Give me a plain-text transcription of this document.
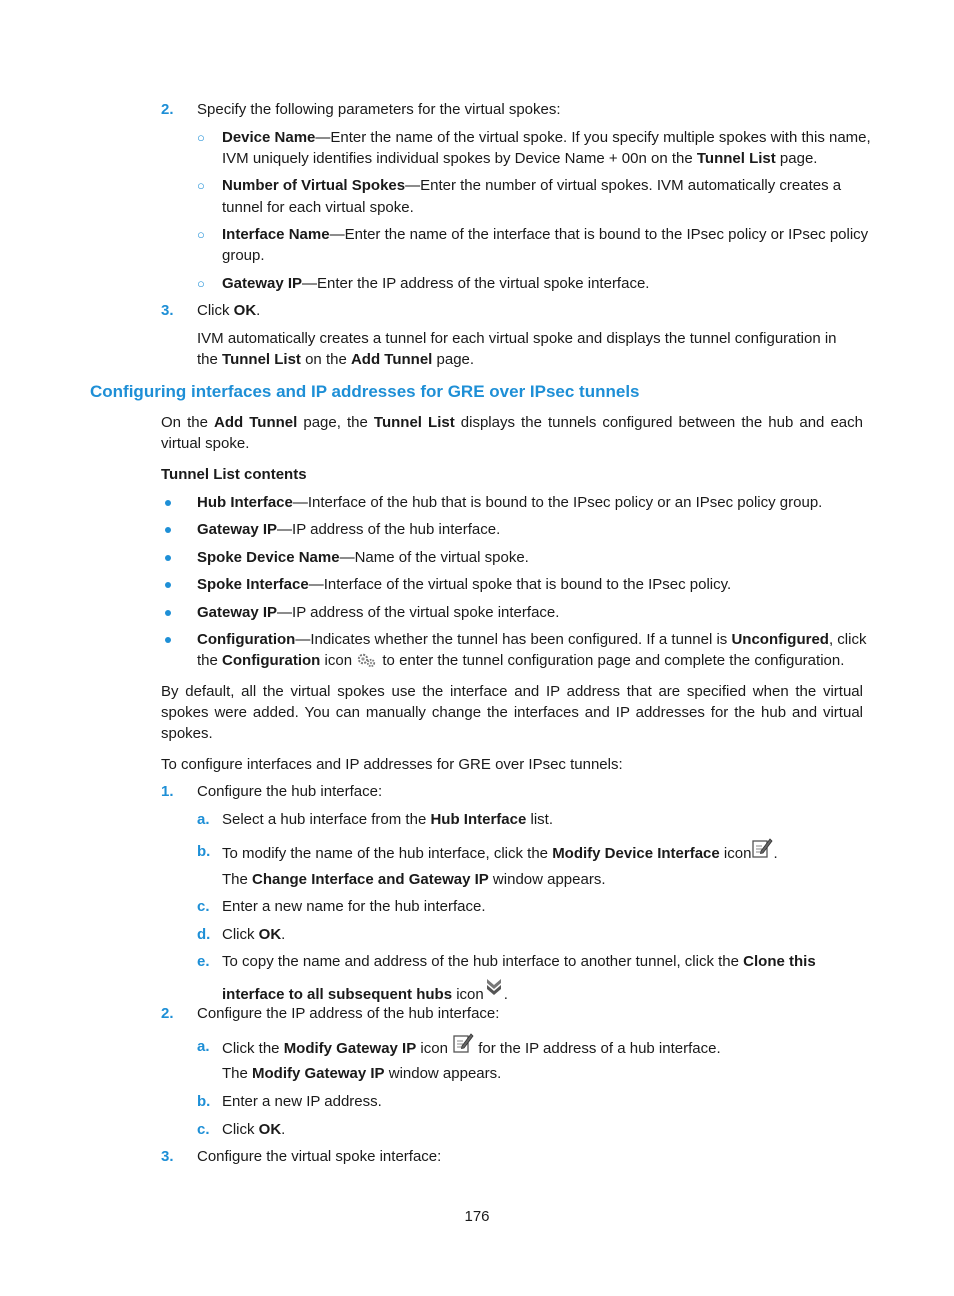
2. Specify the following parameters for the virtual spokes:
○ Device Name—Enter the name of the virtual spoke. If you specify multiple spokes with this name,
IVM uniquely identifies individual spokes by Device Name + 00n on the Tunnel List page.
○ Number of Virtual Spokes—Enter the number of virtual spokes. IVM automatically creates a
tunnel for each virtual spoke.
○ Interface Name—Enter the name of the interface that is bound to the IPsec policy or IPsec policy
group.
○ Gateway IP—Enter the IP address of the virtual spoke interface.
3. Click OK.
IVM automatically creates a tunnel for each virtual spoke and displays the tunnel configuration in
the Tunnel List on the Add Tunnel page.
Configuring interfaces and IP addresses for GRE over IPsec tunnels
On the Add Tunnel page, the Tunnel List displays the tunnels configured between the hub and each
virtual spoke.
Tunnel List contents
Hub Interface—Interface of the hub that is bound to the IPsec policy or an IPsec policy group.
Gateway IP—IP address of the hub interface.
Spoke Device Name—Name of the virtual spoke.
Spoke Interface—Interface of the virtual spoke that is bound to the IPsec policy.
Gateway IP—IP address of the virtual spoke interface.
Configuration—Indicates whether the tunnel has been configured. If a tunnel is Unconfigured, click
the Configuration icon  to enter the tunnel configuration page and complete the configuration.
By default, all the virtual spokes use the interface and IP address that are specified when the virtual
spokes were added. You can manually change the interfaces and IP addresses for the hub and virtual
spokes.
To configure interfaces and IP addresses for GRE over IPsec tunnels:
1. Configure the hub interface:
a. Select a hub interface from the Hub Interface list.
b. To modify the name of the hub interface, click the Modify Device Interface icon .
The Change Interface and Gateway IP window appears.
c. Enter a new name for the hub interface.
d. Click OK.
e. To copy the name and address of the hub interface to another tunnel, click the Clone this
interface to all subsequent hubs icon .
2. Configure the IP address of the hub interface:
a. Click the Modify Gateway IP icon  for the IP address of a hub interface.
The Modify Gateway IP window appears.
b. Enter a new IP address.
c. Click OK.
3. Configure the virtual spoke interface:
176
